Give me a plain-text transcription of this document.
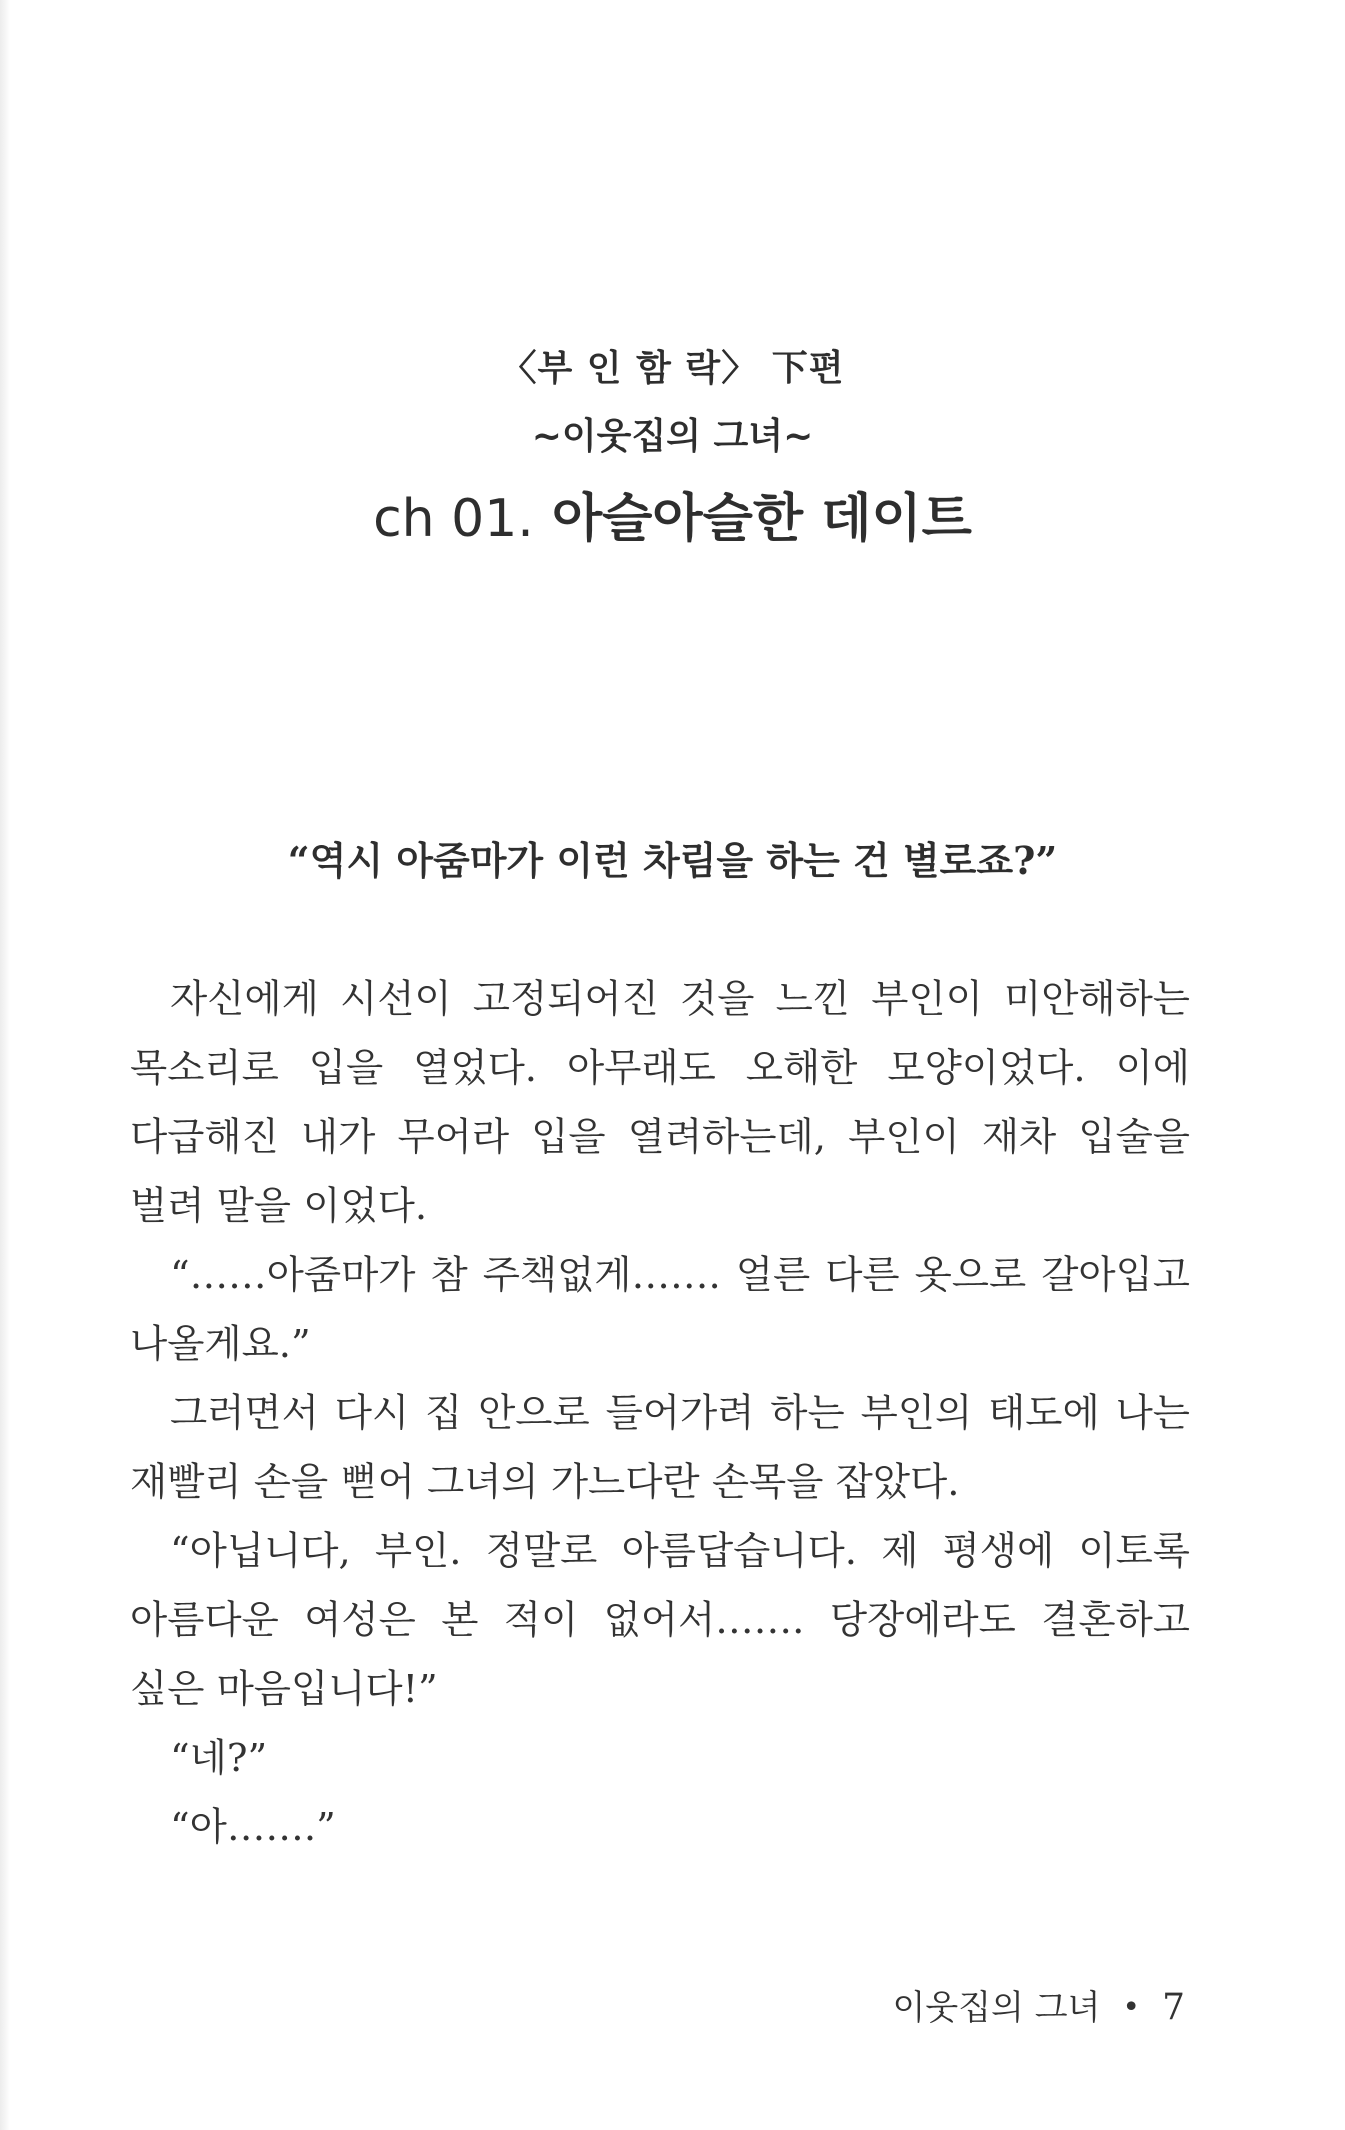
〈부 인 함 락〉 下편
~이웃집의 그녀~
ch 01. 아슬아슬한 데이트
“역시 아줌마가 이런 차림을 하는 건 별로죠?”

자신에게 시선이 고정되어진 것을 느낀 부인이 미안해하는 목소리로 입을 열었다. 아무래도 오해한 모양이었다. 이에 다급해진 내가 무어라 입을 열려하는데, 부인이 재차 입술을 벌려 말을 이었다.

“……아줌마가 참 주책없게……. 얼른 다른 옷으로 갈아입고 나올게요.”

그러면서 다시 집 안으로 들어가려 하는 부인의 태도에 나는 재빨리 손을 뻗어 그녀의 가느다란 손목을 잡았다.

“아닙니다, 부인. 정말로 아름답습니다. 제 평생에 이토록 아름다운 여성은 본 적이 없어서……. 당장에라도 결혼하고 싶은 마음입니다!”

“네?”

“아…….”

이웃집의 그녀 • 7
